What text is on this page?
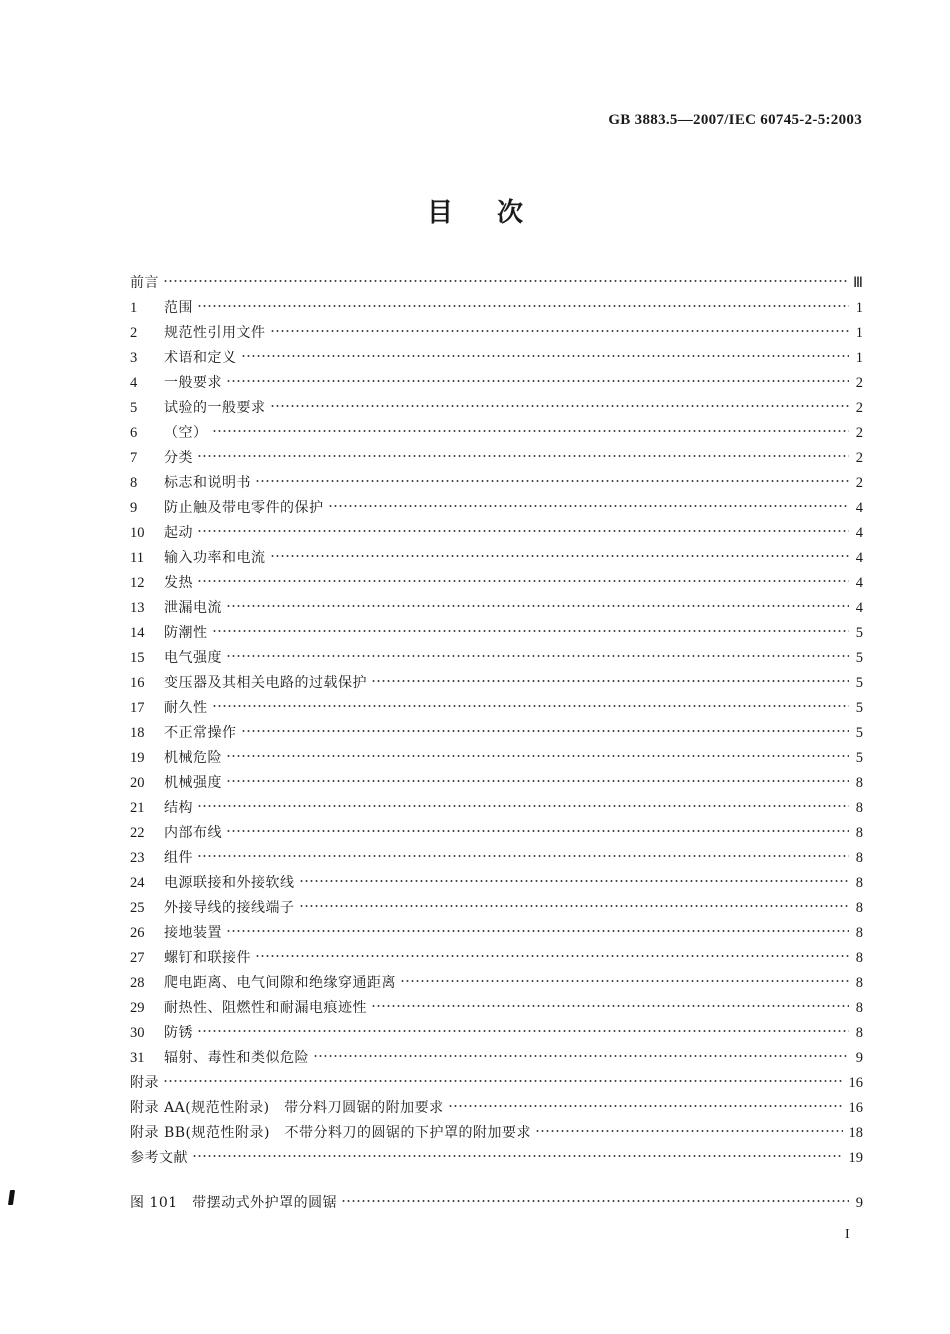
GB 3883.5—2007/IEC 60745-2-5:2003
目次
前言	Ⅲ
1	范围	1
2	规范性引用文件	1
3	术语和定义	1
4	一般要求	2
5	试验的一般要求	2
6	（空）	2
7	分类	2
8	标志和说明书	2
9	防止触及带电零件的保护	4
10	起动	4
11	输入功率和电流	4
12	发热	4
13	泄漏电流	4
14	防潮性	5
15	电气强度	5
16	变压器及其相关电路的过载保护	5
17	耐久性	5
18	不正常操作	5
19	机械危险	5
20	机械强度	8
21	结构	8
22	内部布线	8
23	组件	8
24	电源联接和外接软线	8
25	外接导线的接线端子	8
26	接地装置	8
27	螺钉和联接件	8
28	爬电距离、电气间隙和绝缘穿通距离	8
29	耐热性、阻燃性和耐漏电痕迹性	8
30	防锈	8
31	辐射、毒性和类似危险	9
附录	16
附录 AA(规范性附录)　带分料刀圆锯的附加要求	16
附录 BB(规范性附录)　不带分料刀的圆锯的下护罩的附加要求	18
参考文献	19
图 101　带摆动式外护罩的圆锯	9
I
